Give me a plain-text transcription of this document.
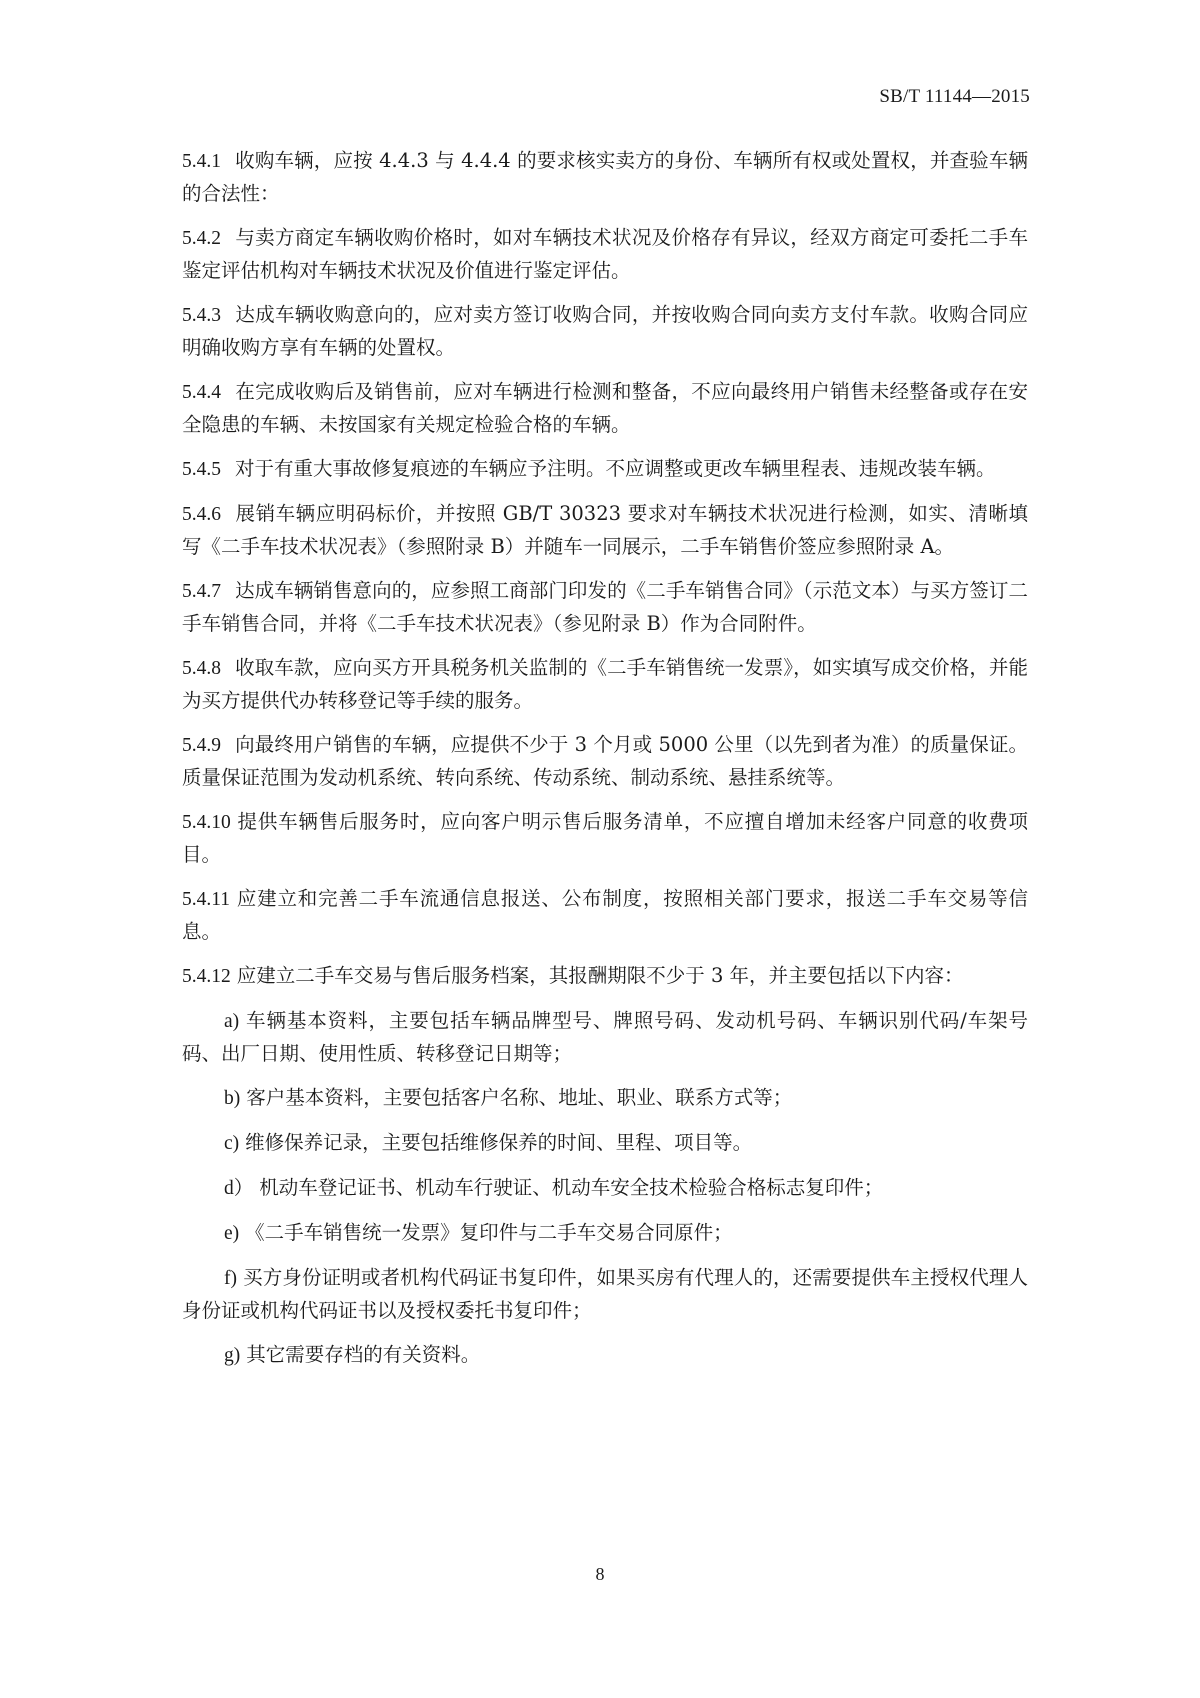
SB/T 11144—2015

5.4.1 收购车辆，应按 4.4.3 与 4.4.4 的要求核实卖方的身份、车辆所有权或处置权，并查验车辆的合法性：

5.4.2 与卖方商定车辆收购价格时，如对车辆技术状况及价格存有异议，经双方商定可委托二手车鉴定评估机构对车辆技术状况及价值进行鉴定评估。

5.4.3 达成车辆收购意向的，应对卖方签订收购合同，并按收购合同向卖方支付车款。收购合同应明确收购方享有车辆的处置权。

5.4.4 在完成收购后及销售前，应对车辆进行检测和整备，不应向最终用户销售未经整备或存在安全隐患的车辆、未按国家有关规定检验合格的车辆。

5.4.5 对于有重大事故修复痕迹的车辆应予注明。不应调整或更改车辆里程表、违规改装车辆。

5.4.6 展销车辆应明码标价，并按照 GB/T 30323 要求对车辆技术状况进行检测，如实、清晰填写《二手车技术状况表》（参照附录 B）并随车一同展示，二手车销售价签应参照附录 A。

5.4.7 达成车辆销售意向的，应参照工商部门印发的《二手车销售合同》（示范文本）与买方签订二手车销售合同，并将《二手车技术状况表》（参见附录 B）作为合同附件。

5.4.8 收取车款，应向买方开具税务机关监制的《二手车销售统一发票》，如实填写成交价格，并能为买方提供代办转移登记等手续的服务。

5.4.9 向最终用户销售的车辆，应提供不少于 3 个月或 5000 公里（以先到者为准）的质量保证。质量保证范围为发动机系统、转向系统、传动系统、制动系统、悬挂系统等。

5.4.10 提供车辆售后服务时，应向客户明示售后服务清单，不应擅自增加未经客户同意的收费项目。

5.4.11 应建立和完善二手车流通信息报送、公布制度，按照相关部门要求，报送二手车交易等信息。

5.4.12 应建立二手车交易与售后服务档案，其报酬期限不少于 3 年，并主要包括以下内容：

a) 车辆基本资料，主要包括车辆品牌型号、牌照号码、发动机号码、车辆识别代码/车架号码、出厂日期、使用性质、转移登记日期等；

b) 客户基本资料，主要包括客户名称、地址、职业、联系方式等；

c) 维修保养记录，主要包括维修保养的时间、里程、项目等。

d） 机动车登记证书、机动车行驶证、机动车安全技术检验合格标志复印件；

e) 《二手车销售统一发票》复印件与二手车交易合同原件；

f) 买方身份证明或者机构代码证书复印件，如果买房有代理人的，还需要提供车主授权代理人身份证或机构代码证书以及授权委托书复印件；

g) 其它需要存档的有关资料。

8
